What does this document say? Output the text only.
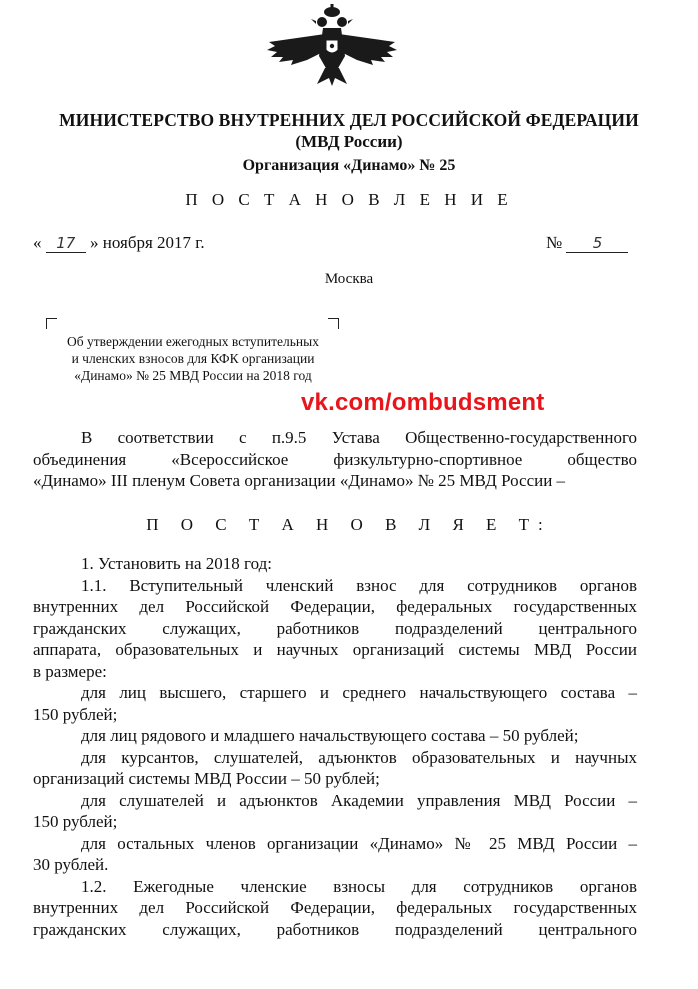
МИНИСТЕРСТВО ВНУТРЕННИХ ДЕЛ РОССИЙСКОЙ ФЕДЕРАЦИИ
(МВД России)
Организация «Динамо» № 25
П О С Т А Н О В Л Е Н И Е
« 17 » ноября 2017 г.	№ 5
Москва
Об утверждении ежегодных вступительных
и членских взносов для КФК организации
«Динамо» № 25 МВД России на 2018 год
vk.com/ombudsment
В соответствии с п.9.5 Устава Общественно-государственного
объединения «Всероссийское физкультурно-спортивное общество
«Динамо» III пленум Совета организации «Динамо» № 25 МВД России –
П О С Т А Н О В Л Я Е Т:
1. Установить на 2018 год:
1.1. Вступительный членский взнос для сотрудников органов
внутренних дел Российской Федерации, федеральных государственных
гражданских служащих, работников подразделений центрального
аппарата, образовательных и научных организаций системы МВД России
в размере:
для лиц высшего, старшего и среднего начальствующего состава –
150 рублей;
для лиц рядового и младшего начальствующего состава – 50 рублей;
для курсантов, слушателей, адъюнктов образовательных и научных
организаций системы МВД России – 50 рублей;
для слушателей и адъюнктов Академии управления МВД России –
150 рублей;
для остальных членов организации «Динамо» № 25 МВД России –
30 рублей.
1.2. Ежегодные членские взносы для сотрудников органов
внутренних дел Российской Федерации, федеральных государственных
гражданских служащих, работников подразделений центрального
